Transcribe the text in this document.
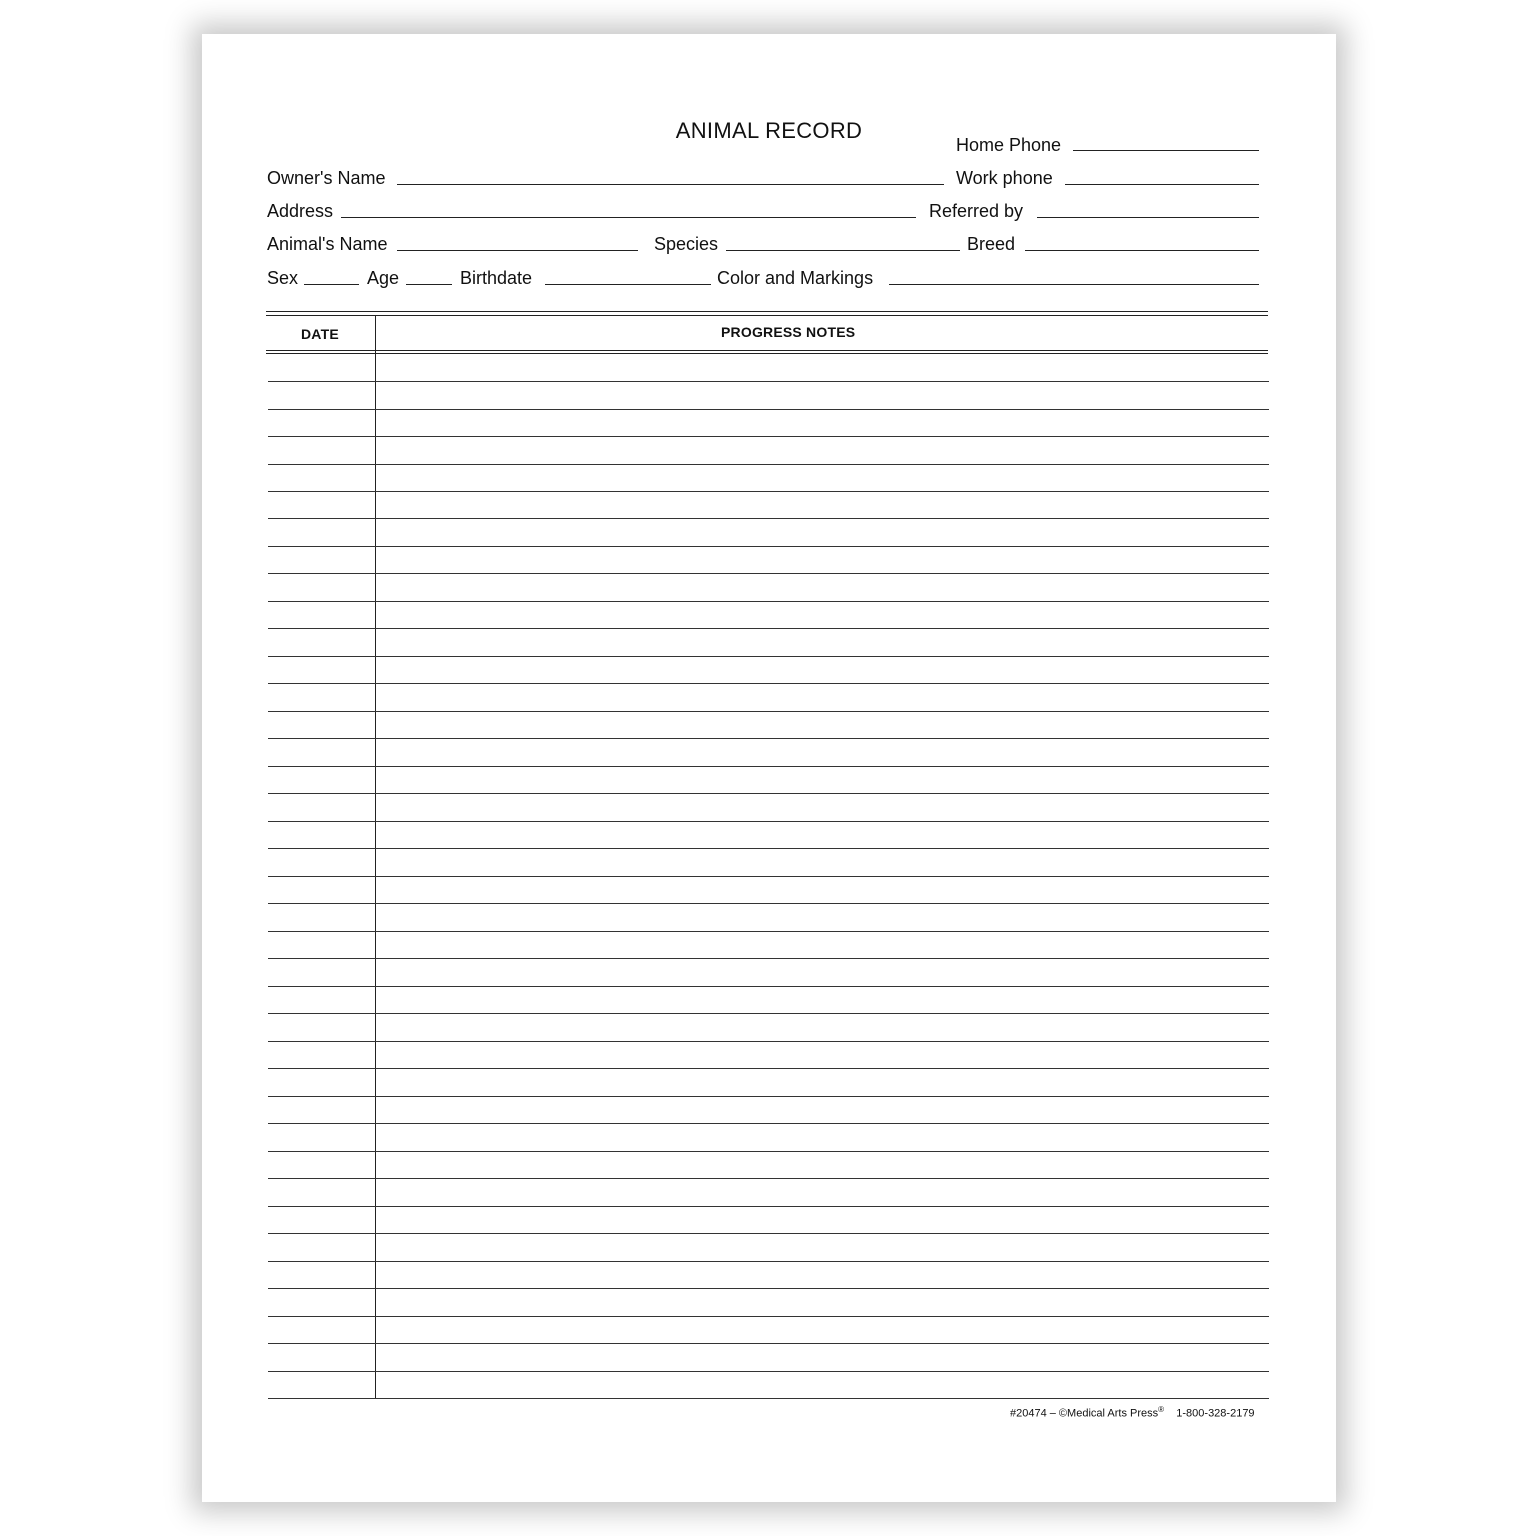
ANIMAL RECORD
Home Phone
Owner's Name	Work phone
Address	Referred by
Animal's Name	Species	Breed
Sex	Age	Birthdate	Color and Markings
DATE	PROGRESS NOTES
#20474 – ©Medical Arts Press® 1-800-328-2179
